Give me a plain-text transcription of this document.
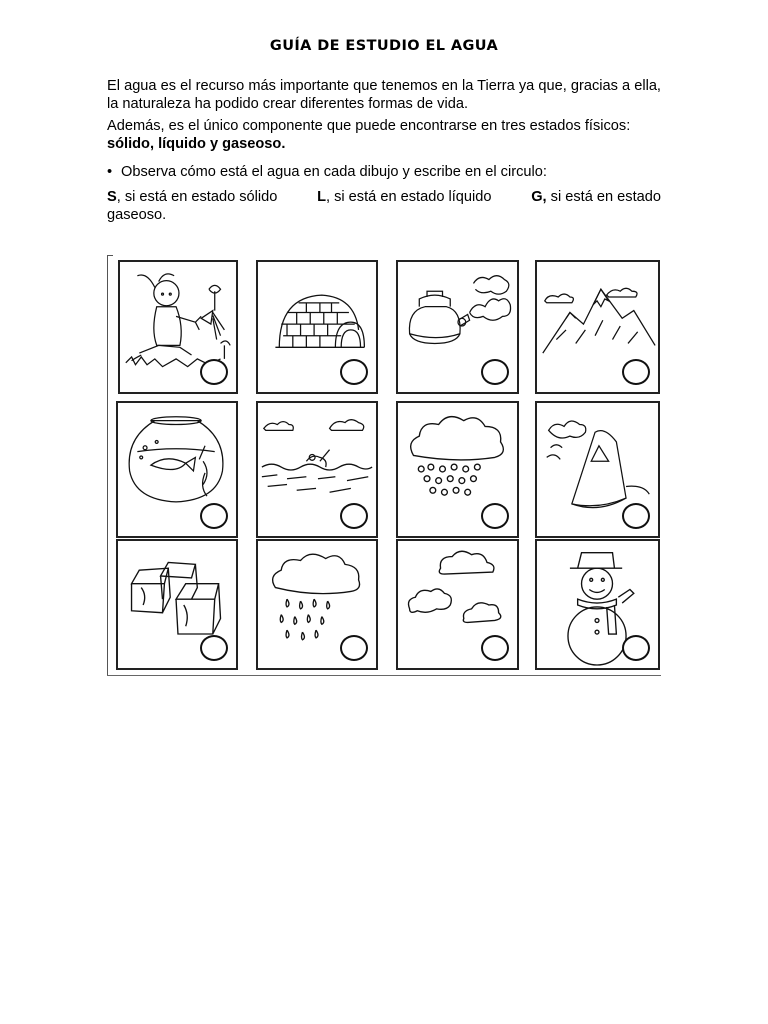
GUÍA DE ESTUDIO EL AGUA
El agua es el recurso más importante que tenemos en la Tierra ya que, gracias a ella, la naturaleza ha podido crear diferentes formas de vida.
Además, es el único componente que puede encontrarse en tres estados físicos:
sólido, líquido y gaseoso.
• Observa cómo está el agua en cada dibujo y escribe en el circulo:
S, si está en estado sólido	L, si está en estado líquido	G, si está en estado
gaseoso.
